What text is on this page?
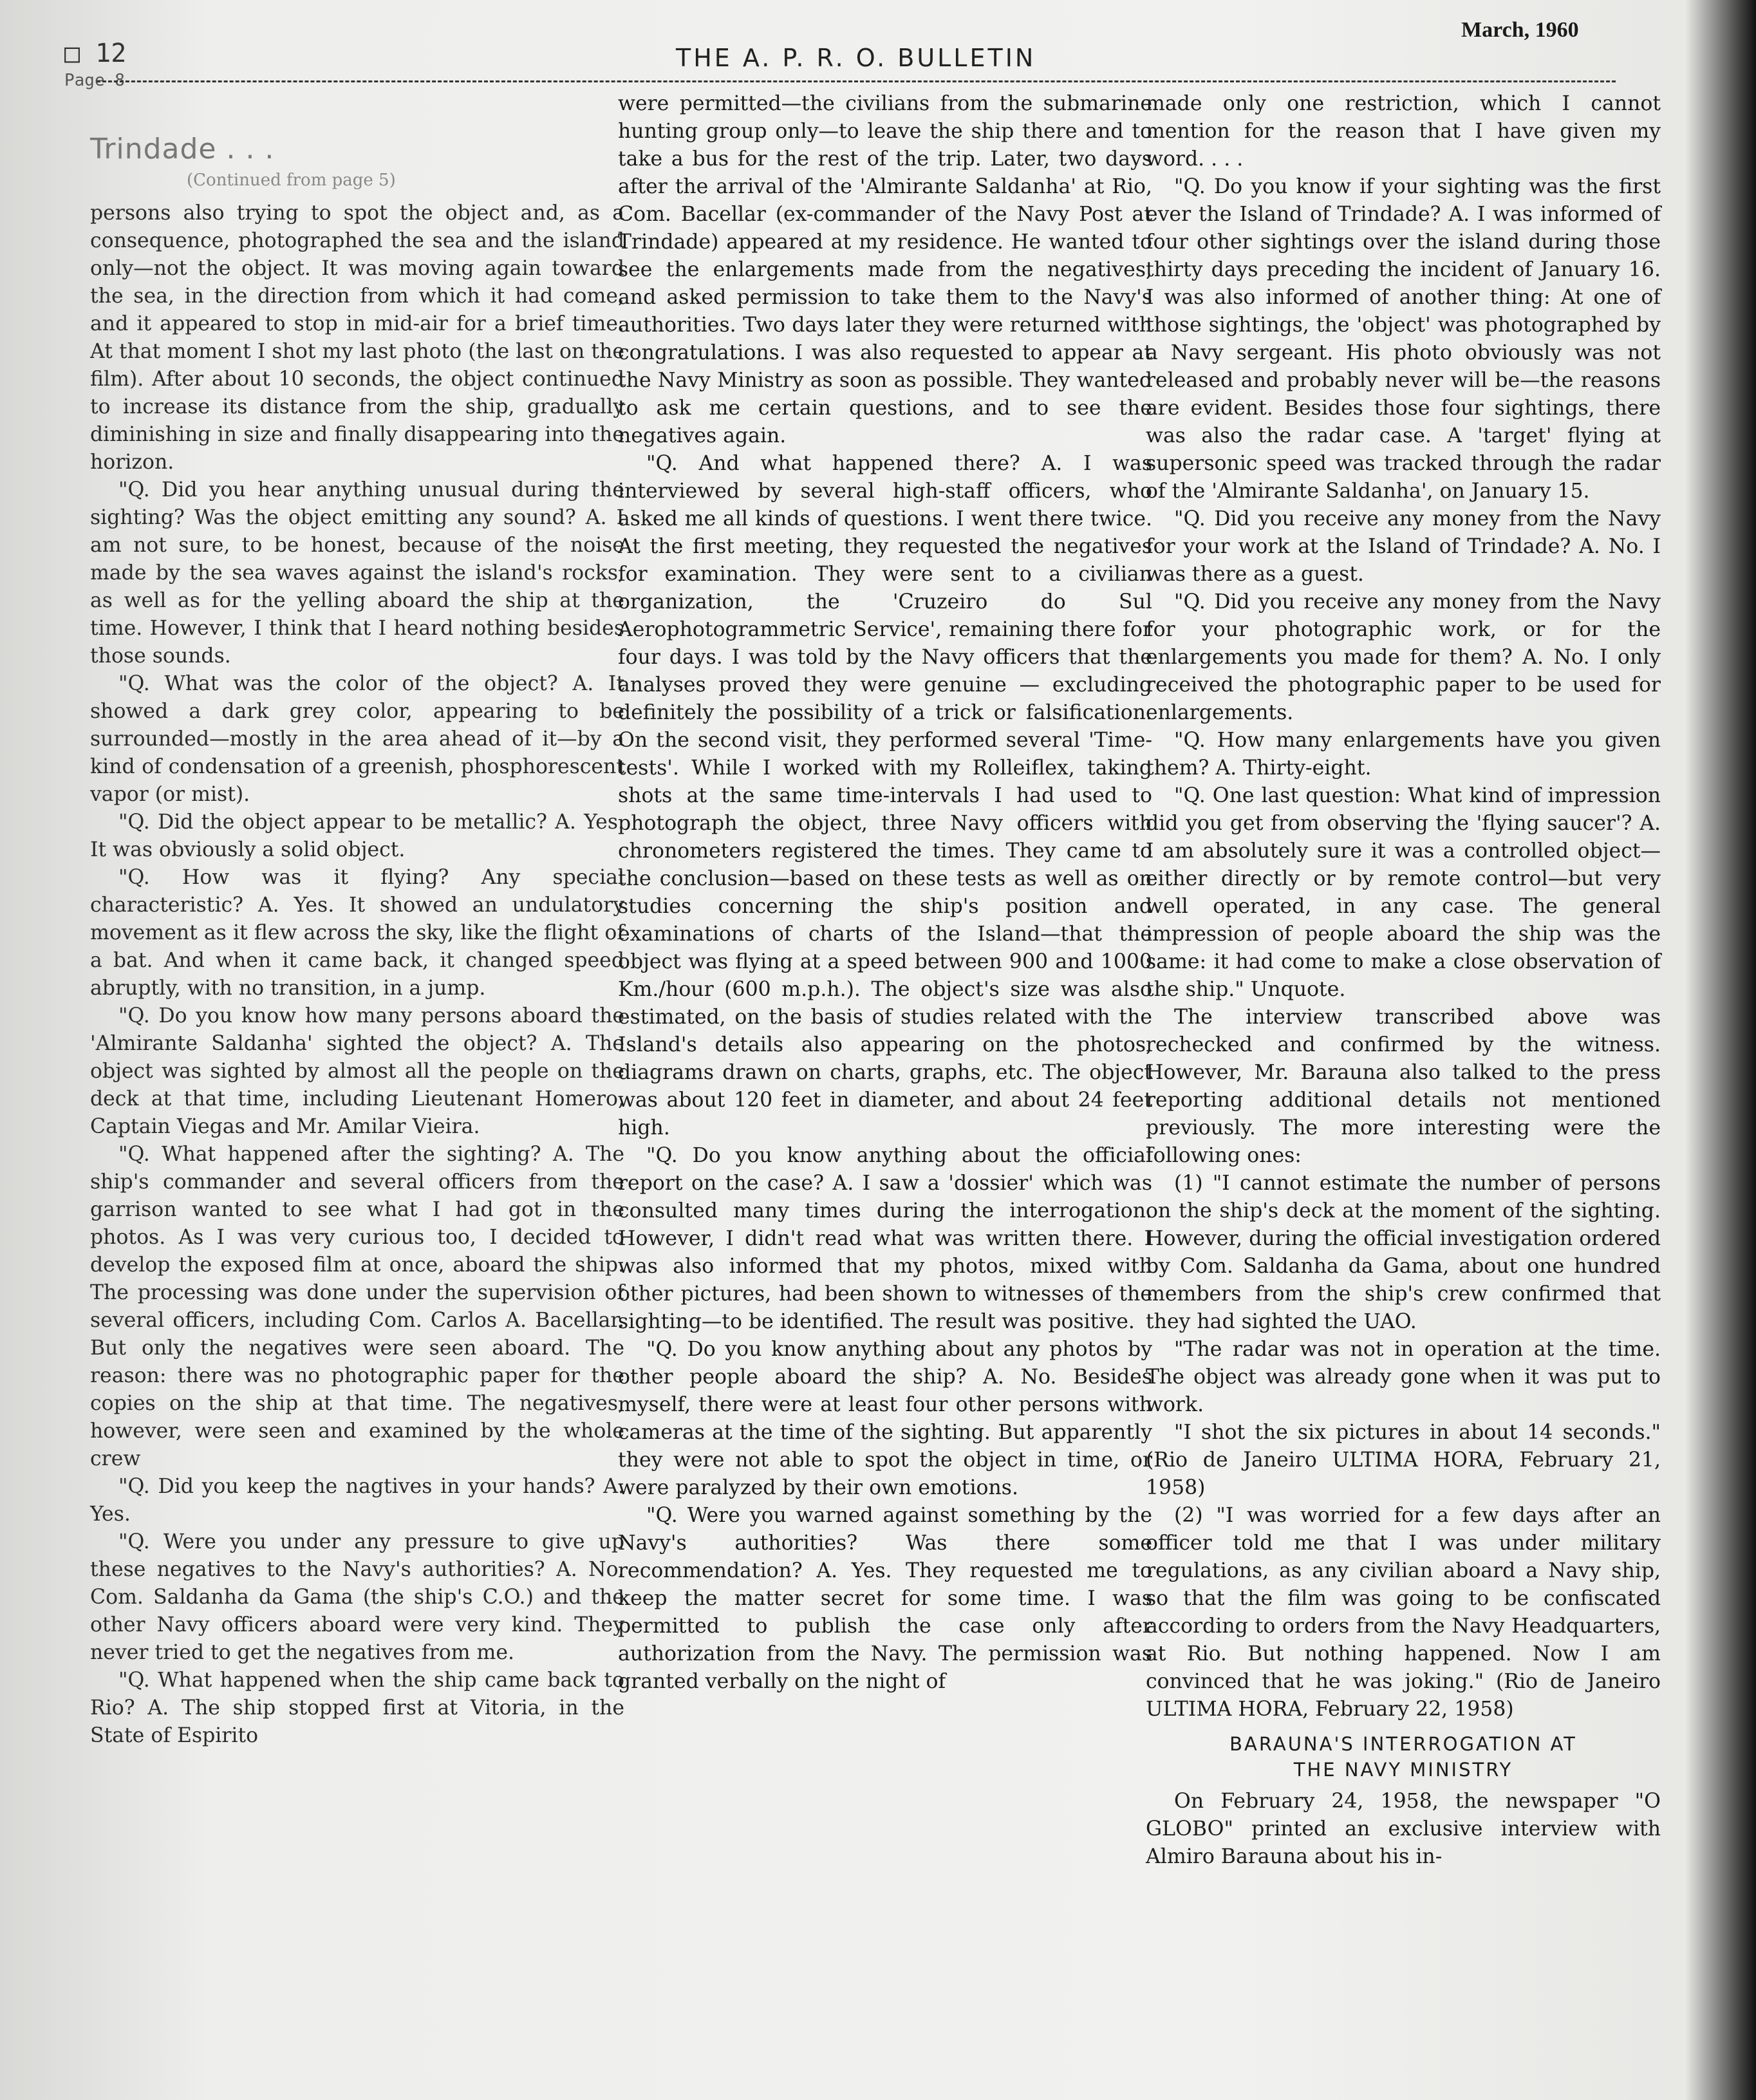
□ 12
Page 8
THE A. P. R. O. BULLETIN
March, 1960
Trindade . . .
(Continued from page 5)

persons also trying to spot the object and, as a consequence, photographed the sea and the island only—not the object. It was moving again toward the sea, in the direction from which it had come, and it appeared to stop in mid-air for a brief time. At that moment I shot my last photo (the last on the film). After about 10 seconds, the object continued to increase its distance from the ship, gradually diminishing in size and finally disappearing into the horizon.

"Q. Did you hear anything unusual during the sighting? Was the object emitting any sound? A. I am not sure, to be honest, because of the noise made by the sea waves against the island's rocks, as well as for the yelling aboard the ship at the time. However, I think that I heard nothing besides those sounds.

"Q. What was the color of the object? A. It showed a dark grey color, appearing to be surrounded—mostly in the area ahead of it—by a kind of condensation of a greenish, phosphorescent vapor (or mist).

"Q. Did the object appear to be metallic? A. Yes. It was obviously a solid object.

"Q. How was it flying? Any special characteristic? A. Yes. It showed an undulatory movement as it flew across the sky, like the flight of a bat. And when it came back, it changed speed abruptly, with no transition, in a jump.

"Q. Do you know how many persons aboard the 'Almirante Saldanha' sighted the object? A. The object was sighted by almost all the people on the deck at that time, including Lieutenant Homero, Captain Viegas and Mr. Amilar Vieira.

"Q. What happened after the sighting? A. The ship's commander and several officers from the garrison wanted to see what I had got in the photos. As I was very curious too, I decided to develop the exposed film at once, aboard the ship. The processing was done under the supervision of several officers, including Com. Carlos A. Bacellar. But only the negatives were seen aboard. The reason: there was no photographic paper for the copies on the ship at that time. The negatives, however, were seen and examined by the whole crew

"Q. Did you keep the nagtives in your hands? A. Yes.

"Q. Were you under any pressure to give up these negatives to the Navy's authorities? A. No. Com. Saldanha da Gama (the ship's C.O.) and the other Navy officers aboard were very kind. They never tried to get the negatives from me.

"Q. What happened when the ship came back to Rio? A. The ship stopped first at Vitoria, in the State of Espirito

were permitted—the civilians from the submarine hunting group only—to leave the ship there and to take a bus for the rest of the trip. Later, two days after the arrival of the 'Almirante Saldanha' at Rio, Com. Bacellar (ex-commander of the Navy Post at Trindade) appeared at my residence. He wanted to see the enlargements made from the negatives, and asked permission to take them to the Navy's authorities. Two days later they were returned with congratulations. I was also requested to appear at the Navy Ministry as soon as possible. They wanted to ask me certain questions, and to see the negatives again.

"Q. And what happened there? A. I was interviewed by several high-staff officers, who asked me all kinds of questions. I went there twice. At the first meeting, they requested the negatives for examination. They were sent to a civilian organization, the 'Cruzeiro do Sul Aerophotogrammetric Service', remaining there for four days. I was told by the Navy officers that the analyses proved they were genuine — excluding definitely the possibility of a trick or falsification. On the second visit, they performed several 'Time-tests'. While I worked with my Rolleiflex, taking shots at the same time-intervals I had used to photograph the object, three Navy officers with chronometers registered the times. They came to the conclusion—based on these tests as well as on studies concerning the ship's position and examinations of charts of the Island—that the object was flying at a speed between 900 and 1000 Km./hour (600 m.p.h.). The object's size was also estimated, on the basis of studies related with the Island's details also appearing on the photos, diagrams drawn on charts, graphs, etc. The object was about 120 feet in diameter, and about 24 feet high.

"Q. Do you know anything about the official report on the case? A. I saw a 'dossier' which was consulted many times during the interrogation. However, I didn't read what was written there. I was also informed that my photos, mixed with other pictures, had been shown to witnesses of the sighting—to be identified. The result was positive.

"Q. Do you know anything about any photos by other people aboard the ship? A. No. Besides myself, there were at least four other persons with cameras at the time of the sighting. But apparently they were not able to spot the object in time, or were paralyzed by their own emotions.

"Q. Were you warned against something by the Navy's authorities? Was there some recommendation? A. Yes. They requested me to keep the matter secret for some time. I was permitted to publish the case only after authorization from the Navy. The permission was granted verbally on the night of

made only one restriction, which I cannot mention for the reason that I have given my word. . . .

"Q. Do you know if your sighting was the first ever the Island of Trindade? A. I was informed of four other sightings over the island during those thirty days preceding the incident of January 16. I was also informed of another thing: At one of those sightings, the 'object' was photographed by a Navy sergeant. His photo obviously was not released and probably never will be—the reasons are evident. Besides those four sightings, there was also the radar case. A 'target' flying at supersonic speed was tracked through the radar of the 'Almirante Saldanha', on January 15.

"Q. Did you receive any money from the Navy for your work at the Island of Trindade? A. No. I was there as a guest.

"Q. Did you receive any money from the Navy for your photographic work, or for the enlargements you made for them? A. No. I only received the photographic paper to be used for enlargements.

"Q. How many enlargements have you given them? A. Thirty-eight.

"Q. One last question: What kind of impression did you get from observing the 'flying saucer'? A. I am absolutely sure it was a controlled object—either directly or by remote control—but very well operated, in any case. The general impression of people aboard the ship was the same: it had come to make a close observation of the ship." Unquote.

The interview transcribed above was rechecked and confirmed by the witness. However, Mr. Barauna also talked to the press reporting additional details not mentioned previously. The more interesting were the following ones:

(1) "I cannot estimate the number of persons on the ship's deck at the moment of the sighting. However, during the official investigation ordered by Com. Saldanha da Gama, about one hundred members from the ship's crew confirmed that they had sighted the UAO.

"The radar was not in operation at the time. The object was already gone when it was put to work.

"I shot the six pictures in about 14 seconds." (Rio de Janeiro ULTIMA HORA, February 21, 1958)

(2) "I was worried for a few days after an officer told me that I was under military regulations, as any civilian aboard a Navy ship, so that the film was going to be confiscated according to orders from the Navy Headquarters, at Rio. But nothing happened. Now I am convinced that he was joking." (Rio de Janeiro ULTIMA HORA, February 22, 1958)

BARAUNA'S INTERROGATION AT
THE NAVY MINISTRY

On February 24, 1958, the newspaper "O GLOBO" printed an exclusive interview with Almiro Barauna about his in-
